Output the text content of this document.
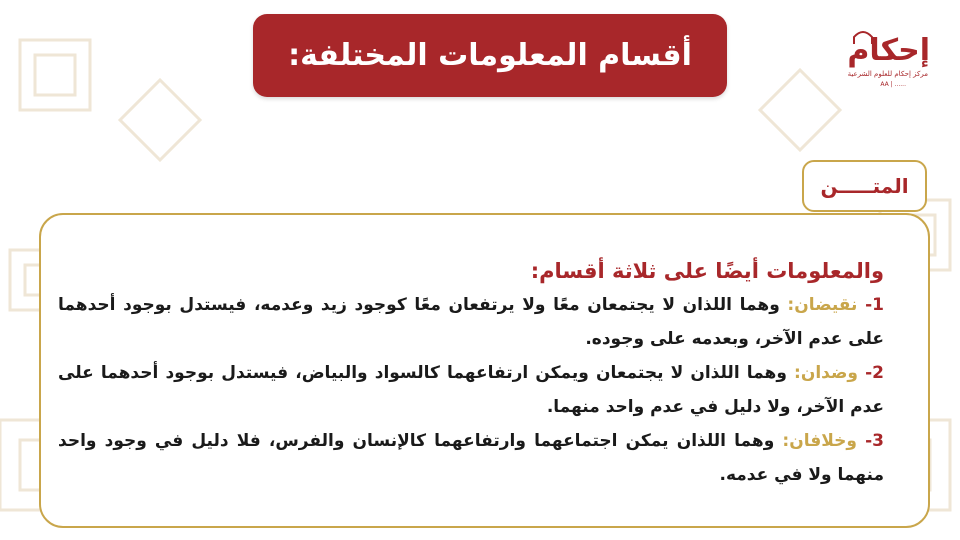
أقسام المعلومات المختلفة:	إحكام
مركز إحكام للعلوم الشرعية
AA | ......
المتـــــن

والمعلومات أيضًا على ثلاثة أقسام:

1- نقيضان: وهما اللذان لا يجتمعان معًا ولا يرتفعان معًا كوجود زيد وعدمه، فيستدل بوجود أحدهما على عدم الآخر، وبعدمه على وجوده.

2- وضدان: وهما اللذان لا يجتمعان ويمكن ارتفاعهما كالسواد والبياض، فيستدل بوجود أحدهما على عدم الآخر، ولا دليل في عدم واحد منهما.

3- وخلافان: وهما اللذان يمكن اجتماعهما وارتفاعهما كالإنسان والفرس، فلا دليل في وجود واحد منهما ولا في عدمه.
